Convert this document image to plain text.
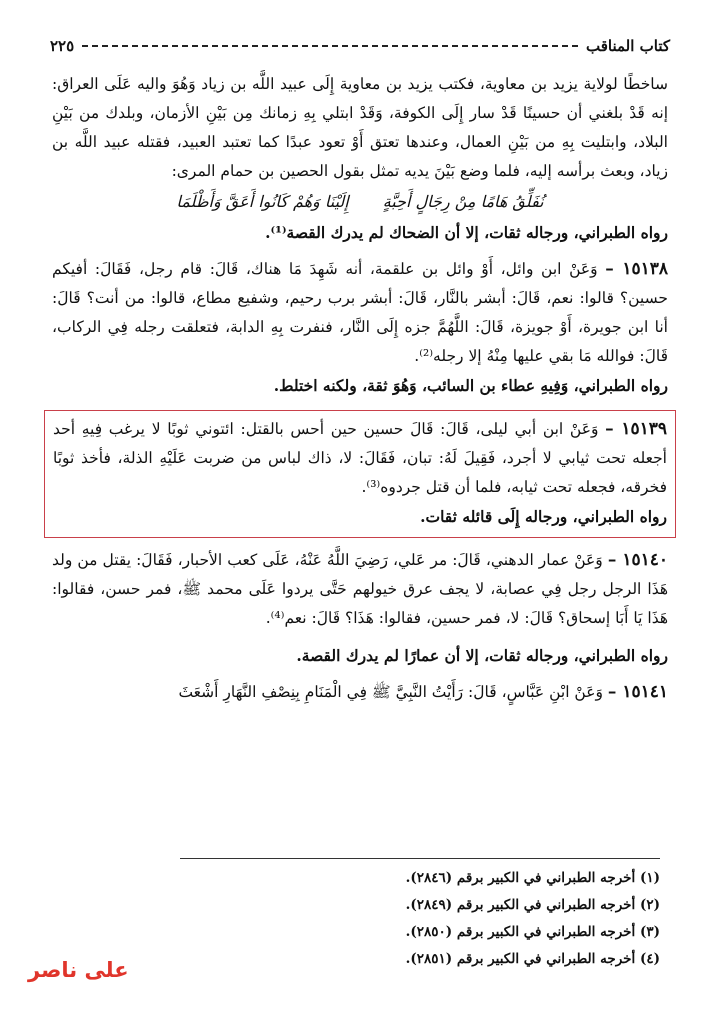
كتاب المناقب
٢٢٥

ساخطًا لولاية يزيد بن معاوية، فكتب يزيد بن معاوية إِلَى عبيد اللَّه بن زياد وَهُوَ واليه عَلَى العراق: إنه قَدْ بلغني أن حسينًا قَدْ سار إِلَى الكوفة، وَقَدْ ابتلي بِهِ زمانك مِن بَيْنِ الأزمان، وبلدك من بَيْنِ البلاد، وابتليت بِهِ من بَيْنِ العمال، وعندها تعتق أَوْ تعود عبدًا كما تعتبد العبيد، فقتله عبيد اللَّه بن زياد، وبعث برأسه إليه، فلما وضع بَيْنَ يديه تمثل بقول الحصين بن حمام المرى:

نُفَلِّقُ هَامًا مِنْ رِجَالٍ أَحِبَّةٍ
إِلَيْنَا وَهُمْ كَانُوا أَعَقَّ وَأَظْلَمَا

رواه الطبراني، ورجاله ثقات، إلا أن الضحاك لم يدرك القصة⁽¹⁾.

١٥١٣٨ – وَعَنْ ابن وائل، أَوْ وائل بن علقمة، أنه شَهِدَ مَا هناك، قَالَ: قام رجل، فَقَالَ: أفيكم حسين؟ قالوا: نعم، قَالَ: أبشر بالنَّار، قَالَ: أبشر برب رحيم، وشفيع مطاع، قالوا: من أنت؟ قَالَ: أنا ابن جويرة، أَوْ جويزة، قَالَ: اللَّهُمَّ جزه إِلَى النَّار، فنفرت بِهِ الدابة، فتعلقت رجله فِي الركاب، قَالَ: فوالله مَا بقي عليها مِنْهُ إلا رجله⁽²⁾.

رواه الطبراني، وَفِيهِ عطاء بن السائب، وَهُوَ ثقة، ولكنه اختلط.

١٥١٣٩ – وَعَنْ ابن أبي ليلى، قَالَ: قَالَ حسين حين أحس بالقتل: ائتوني ثوبًا لا يرغب فِيهِ أحد أجعله تحت ثيابي لا أجرد، فَقِيلَ لَهُ: تبان، فَقَالَ: لا، ذاك لباس من ضربت عَلَيْهِ الذلة، فأخذ ثوبًا فخرقه، فجعله تحت ثيابه، فلما أن قتل جردوه⁽³⁾.

رواه الطبراني، ورجاله إِلَى قائله ثقات.

١٥١٤٠ – وَعَنْ عمار الدهني، قَالَ: مر عَلي، رَضِيَ اللَّهُ عَنْهُ، عَلَى كعب الأحبار، فَقَالَ: يقتل من ولد هَذَا الرجل رجل فِي عصابة، لا يجف عرق خيولهم حَتَّى يردوا عَلَى محمد ﷺ، فمر حسن، فقالوا: هَذَا يَا أَبَا إسحاق؟ قَالَ: لا، فمر حسين، فقالوا: هَذَا؟ قَالَ: نعم⁽⁴⁾.

رواه الطبراني، ورجاله ثقات، إلا أن عمارًا لم يدرك القصة.

١٥١٤١ – وَعَنْ ابْنِ عَبَّاسٍ، قَالَ: رَأَيْتُ النَّبِيَّ ﷺ فِي الْمَنَامِ بِنِصْفِ النَّهَارِ أَشْعَثَ

(١) أخرجه الطبراني في الكبير برقم (٢٨٤٦).
(٢) أخرجه الطبراني في الكبير برقم (٢٨٤٩).
(٣) أخرجه الطبراني في الكبير برقم (٢٨٥٠).
(٤) أخرجه الطبراني في الكبير برقم (٢٨٥١).
على ناصر
